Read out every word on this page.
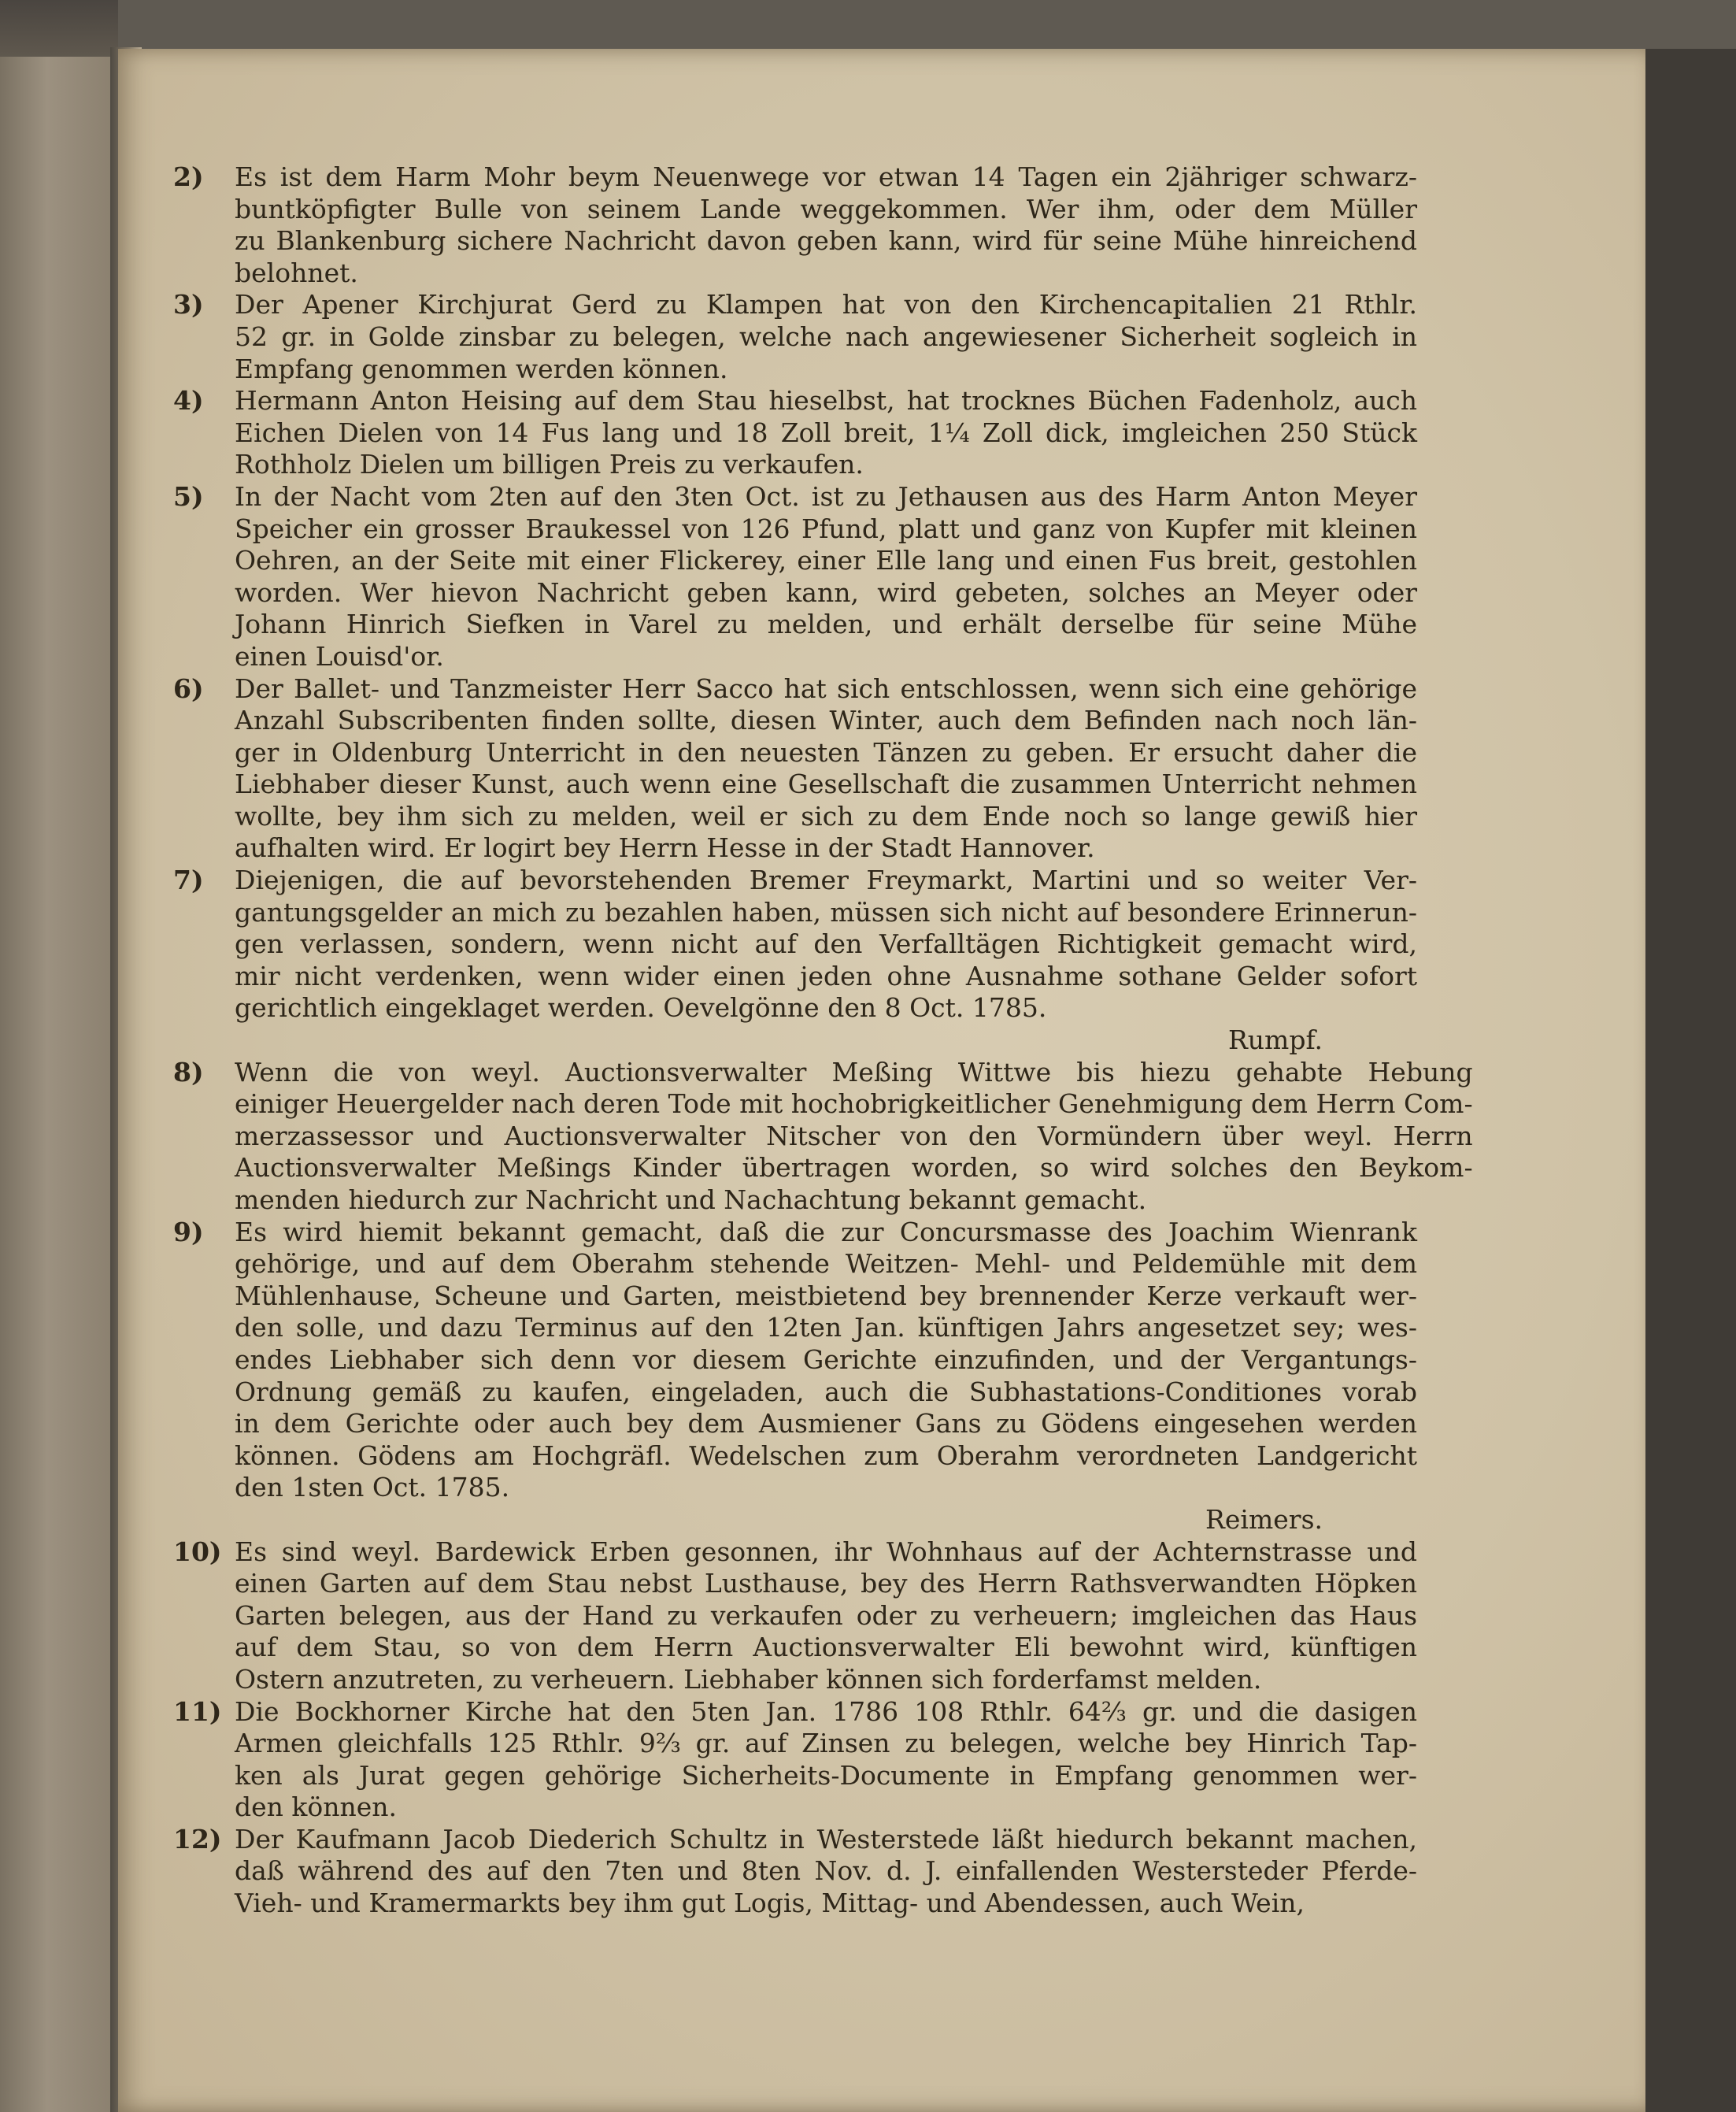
2)	Es ist dem Harm Mohr beym Neuenwege vor etwan 14 Tagen ein 2jähriger schwarz-
buntköpfigter Bulle von seinem Lande weggekommen. Wer ihm, oder dem Müller
zu Blankenburg sichere Nachricht davon geben kann, wird für seine Mühe hinreichend
belohnet.
3)	Der Apener Kirchjurat Gerd zu Klampen hat von den Kirchencapitalien 21 Rthlr.
52 gr. in Golde zinsbar zu belegen, welche nach angewiesener Sicherheit sogleich in
Empfang genommen werden können.
4)	Hermann Anton Heising auf dem Stau hieselbst, hat trocknes Büchen Fadenholz, auch
Eichen Dielen von 14 Fus lang und 18 Zoll breit, 1¼ Zoll dick, imgleichen 250 Stück
Rothholz Dielen um billigen Preis zu verkaufen.
5)	In der Nacht vom 2ten auf den 3ten Oct. ist zu Jethausen aus des Harm Anton Meyer
Speicher ein grosser Braukessel von 126 Pfund, platt und ganz von Kupfer mit kleinen
Oehren, an der Seite mit einer Flickerey, einer Elle lang und einen Fus breit, gestohlen
worden. Wer hievon Nachricht geben kann, wird gebeten, solches an Meyer oder
Johann Hinrich Siefken in Varel zu melden, und erhält derselbe für seine Mühe
einen Louisd'or.
6)	Der Ballet- und Tanzmeister Herr Sacco hat sich entschlossen, wenn sich eine gehörige
Anzahl Subscribenten finden sollte, diesen Winter, auch dem Befinden nach noch län-
ger in Oldenburg Unterricht in den neuesten Tänzen zu geben. Er ersucht daher die
Liebhaber dieser Kunst, auch wenn eine Gesellschaft die zusammen Unterricht nehmen
wollte, bey ihm sich zu melden, weil er sich zu dem Ende noch so lange gewiß hier
aufhalten wird. Er logirt bey Herrn Hesse in der Stadt Hannover.
7)	Diejenigen, die auf bevorstehenden Bremer Freymarkt, Martini und so weiter Ver-
gantungsgelder an mich zu bezahlen haben, müssen sich nicht auf besondere Erinnerun-
gen verlassen, sondern, wenn nicht auf den Verfalltägen Richtigkeit gemacht wird,
mir nicht verdenken, wenn wider einen jeden ohne Ausnahme sothane Gelder sofort
gerichtlich eingeklaget werden. Oevelgönne den 8 Oct. 1785.
Rumpf.
8)	Wenn die von weyl. Auctionsverwalter Meßing Wittwe bis hiezu gehabte Hebung
einiger Heuergelder nach deren Tode mit hochobrigkeitlicher Genehmigung dem Herrn Com-
merzassessor und Auctionsverwalter Nitscher von den Vormündern über weyl. Herrn
Auctionsverwalter Meßings Kinder übertragen worden, so wird solches den Beykom-
menden hiedurch zur Nachricht und Nachachtung bekannt gemacht.
9)	Es wird hiemit bekannt gemacht, daß die zur Concursmasse des Joachim Wienrank
gehörige, und auf dem Oberahm stehende Weitzen- Mehl- und Peldemühle mit dem
Mühlenhause, Scheune und Garten, meistbietend bey brennender Kerze verkauft wer-
den solle, und dazu Terminus auf den 12ten Jan. künftigen Jahrs angesetzet sey; wes-
endes Liebhaber sich denn vor diesem Gerichte einzufinden, und der Vergantungs-
Ordnung gemäß zu kaufen, eingeladen, auch die Subhastations-Conditiones vorab
in dem Gerichte oder auch bey dem Ausmiener Gans zu Gödens eingesehen werden
können. Gödens am Hochgräfl. Wedelschen zum Oberahm verordneten Landgericht
den 1sten Oct. 1785.
Reimers.
10) Es sind weyl. Bardewick Erben gesonnen, ihr Wohnhaus auf der Achternstrasse und
einen Garten auf dem Stau nebst Lusthause, bey des Herrn Rathsverwandten Höpken
Garten belegen, aus der Hand zu verkaufen oder zu verheuern; imgleichen das Haus
auf dem Stau, so von dem Herrn Auctionsverwalter Eli bewohnt wird, künftigen
Ostern anzutreten, zu verheuern. Liebhaber können sich forderfamst melden.
11) Die Bockhorner Kirche hat den 5ten Jan. 1786 108 Rthlr. 64⅔ gr. und die dasigen
Armen gleichfalls 125 Rthlr. 9⅔ gr. auf Zinsen zu belegen, welche bey Hinrich Tap-
ken als Jurat gegen gehörige Sicherheits-Documente in Empfang genommen wer-
den können.
12) Der Kaufmann Jacob Diederich Schultz in Westerstede läßt hiedurch bekannt machen,
daß während des auf den 7ten und 8ten Nov. d. J. einfallenden Westersteder Pferde-
Vieh- und Kramermarkts bey ihm gut Logis, Mittag- und Abendessen, auch Wein,
